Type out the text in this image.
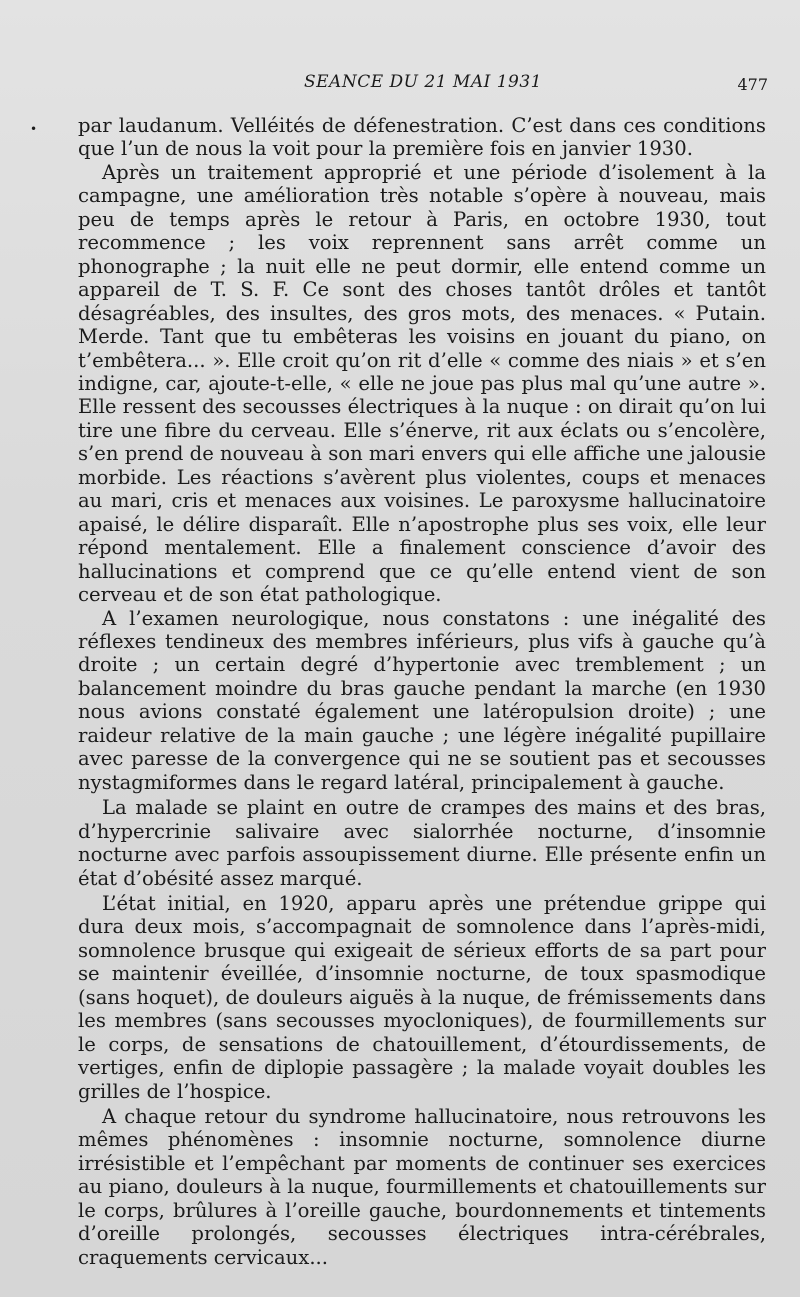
SEANCE DU 21 MAI 1931	477
• par laudanum. Velléités de défenestration. C’est dans ces conditions que l’un de nous la voit pour la première fois en janvier 1930.

Après un traitement approprié et une période d’isolement à la campagne, une amélioration très notable s’opère à nouveau, mais peu de temps après le retour à Paris, en octobre 1930, tout recommence ; les voix reprennent sans arrêt comme un phonographe ; la nuit elle ne peut dormir, elle entend comme un appareil de T. S. F. Ce sont des choses tantôt drôles et tantôt désagréables, des insultes, des gros mots, des menaces. « Putain. Merde. Tant que tu embêteras les voisins en jouant du piano, on t’embêtera... ». Elle croit qu’on rit d’elle « comme des niais » et s’en indigne, car, ajoute-t-elle, « elle ne joue pas plus mal qu’une autre ». Elle ressent des secousses électriques à la nuque : on dirait qu’on lui tire une fibre du cerveau. Elle s’énerve, rit aux éclats ou s’encolère, s’en prend de nouveau à son mari envers qui elle affiche une jalousie morbide. Les réactions s’avèrent plus violentes, coups et menaces au mari, cris et menaces aux voisines. Le paroxysme hallucinatoire apaisé, le délire disparaît. Elle n’apostrophe plus ses voix, elle leur répond mentalement. Elle a finalement conscience d’avoir des hallucinations et comprend que ce qu’elle entend vient de son cerveau et de son état pathologique.

A l’examen neurologique, nous constatons : une inégalité des réflexes tendineux des membres inférieurs, plus vifs à gauche qu’à droite ; un certain degré d’hypertonie avec tremblement ; un balancement moindre du bras gauche pendant la marche (en 1930 nous avions constaté également une latéropulsion droite) ; une raideur relative de la main gauche ; une légère inégalité pupillaire avec paresse de la convergence qui ne se soutient pas et secousses nystagmiformes dans le regard latéral, principalement à gauche.

La malade se plaint en outre de crampes des mains et des bras, d’hypercrinie salivaire avec sialorrhée nocturne, d’insomnie nocturne avec parfois assoupissement diurne. Elle présente enfin un état d’obésité assez marqué.

L’état initial, en 1920, apparu après une prétendue grippe qui dura deux mois, s’accompagnait de somnolence dans l’après-midi, somnolence brusque qui exigeait de sérieux efforts de sa part pour se maintenir éveillée, d’insomnie nocturne, de toux spasmodique (sans hoquet), de douleurs aiguës à la nuque, de frémissements dans les membres (sans secousses myocloniques), de fourmillements sur le corps, de sensations de chatouillement, d’étourdissements, de vertiges, enfin de diplopie passagère ; la malade voyait doubles les grilles de l’hospice.

A chaque retour du syndrome hallucinatoire, nous retrouvons les mêmes phénomènes : insomnie nocturne, somnolence diurne irrésistible et l’empêchant par moments de continuer ses exercices au piano, douleurs à la nuque, fourmillements et chatouillements sur le corps, brûlures à l’oreille gauche, bourdonnements et tintements d’oreille prolongés, secousses électriques intra-cérébrales, craquements cervicaux...
